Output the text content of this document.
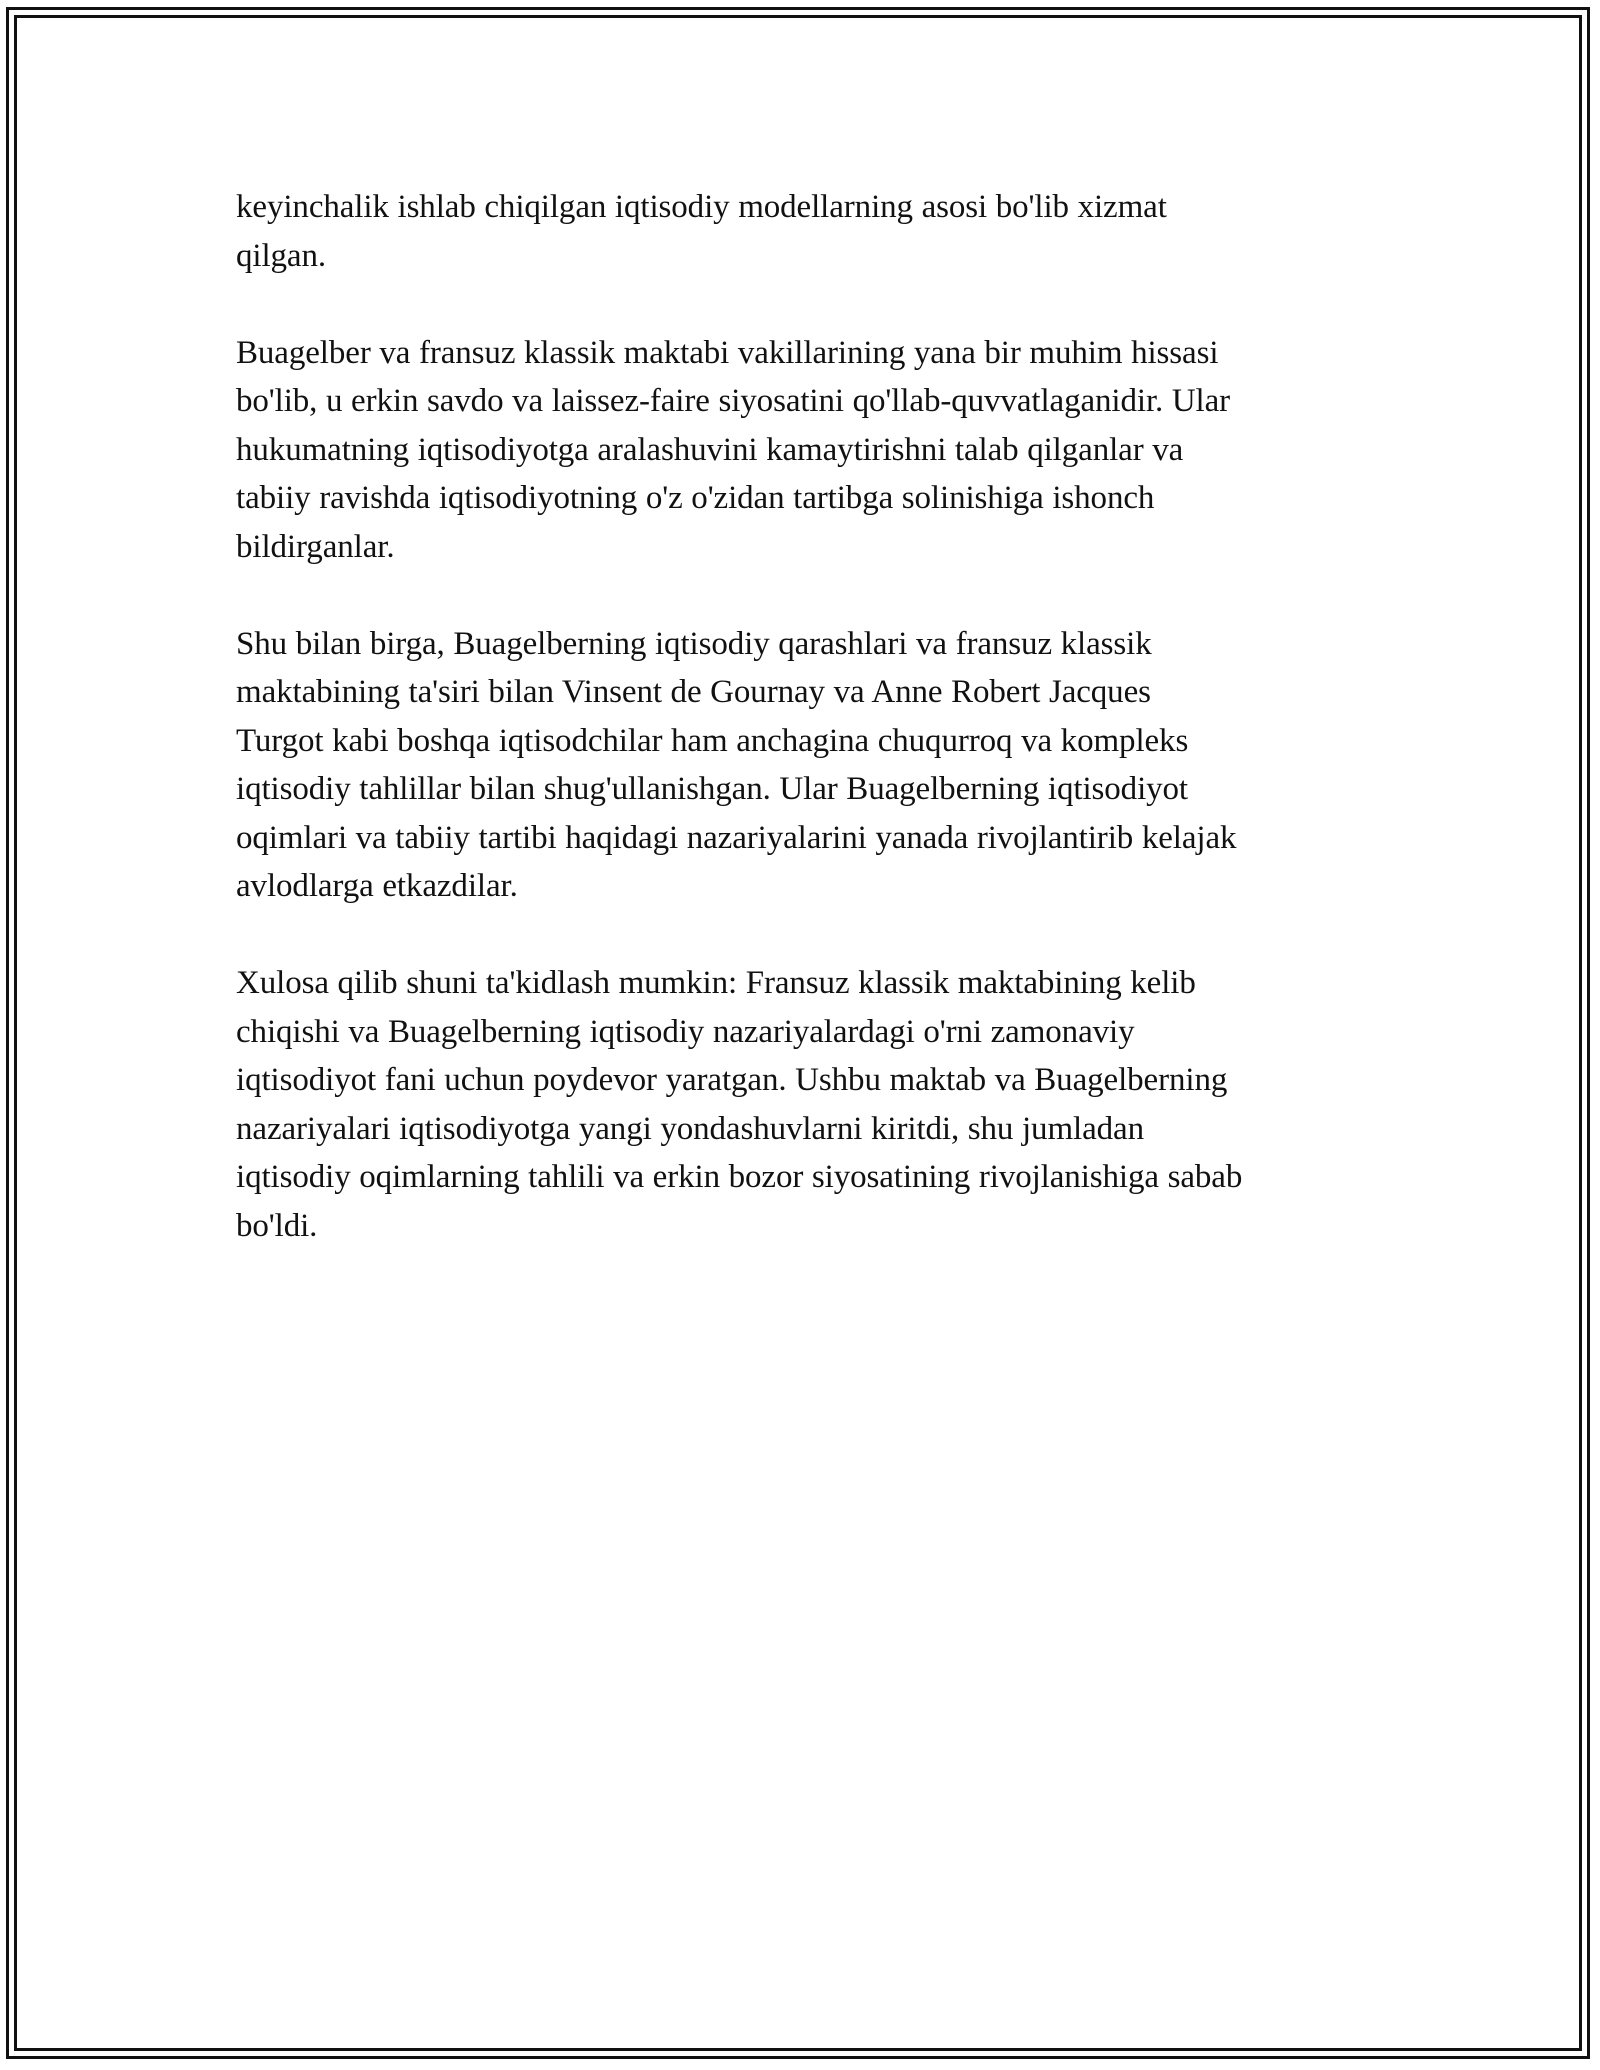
keyinchalik ishlab chiqilgan iqtisodiy modellarning asosi bo'lib xizmat
qilgan.

Buagelber va fransuz klassik maktabi vakillarining yana bir muhim hissasi
bo'lib, u erkin savdo va laissez-faire siyosatini qo'llab-quvvatlaganidir. Ular
hukumatning iqtisodiyotga aralashuvini kamaytirishni talab qilganlar va
tabiiy ravishda iqtisodiyotning o'z o'zidan tartibga solinishiga ishonch
bildirganlar.

Shu bilan birga, Buagelberning iqtisodiy qarashlari va fransuz klassik
maktabining ta'siri bilan Vinsent de Gournay va Anne Robert Jacques
Turgot kabi boshqa iqtisodchilar ham anchagina chuqurroq va kompleks
iqtisodiy tahlillar bilan shug'ullanishgan. Ular Buagelberning iqtisodiyot
oqimlari va tabiiy tartibi haqidagi nazariyalarini yanada rivojlantirib kelajak
avlodlarga etkazdilar.

Xulosa qilib shuni ta'kidlash mumkin: Fransuz klassik maktabining kelib
chiqishi va Buagelberning iqtisodiy nazariyalardagi o'rni zamonaviy
iqtisodiyot fani uchun poydevor yaratgan. Ushbu maktab va Buagelberning
nazariyalari iqtisodiyotga yangi yondashuvlarni kiritdi, shu jumladan
iqtisodiy oqimlarning tahlili va erkin bozor siyosatining rivojlanishiga sabab
bo'ldi.
